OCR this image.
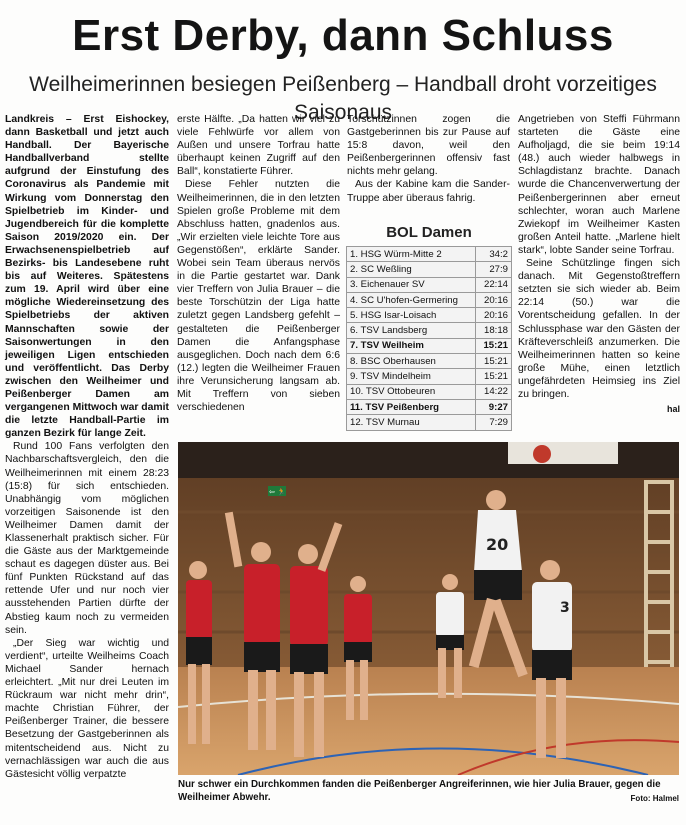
Erst Derby, dann Schluss
Weilheimerinnen besiegen Peißenberg – Handball droht vorzeitiges Saisonaus

Landkreis – Erst Eishockey, dann Basketball und jetzt auch Handball. Der Bayerische Handballverband stellte aufgrund der Einstufung des Coronavirus als Pandemie mit Wirkung vom Donnerstag den Spielbetrieb im Kinder- und Jugendbereich für die komplette Saison 2019/2020 ein. Der Erwachsenenspielbetrieb auf Bezirks- bis Landesebene ruht bis auf Weiteres. Spätestens zum 19. April wird über eine mögliche Wiedereinsetzung des Spielbetriebs der aktiven Mannschaften sowie der Saisonwertungen in den jeweiligen Ligen entschieden und veröffentlicht. Das Derby zwischen den Weilheimer und Peißenberger Damen am vergangenen Mittwoch war damit die letzte Handball-Partie im ganzen Bezirk für lange Zeit.

Rund 100 Fans verfolgten den Nachbarschaftsvergleich, den die Weilheimerinnen mit einem 28:23 (15:8) für sich entschieden. Unabhängig vom möglichen vorzeitigen Saisonende ist den Weilheimer Damen damit der Klassenerhalt praktisch sicher. Für die Gäste aus der Marktgemeinde schaut es dagegen düster aus. Bei fünf Punkten Rückstand auf das rettende Ufer und nur noch vier ausstehenden Partien dürfte der Abstieg kaum noch zu vermeiden sein.

„Der Sieg war wichtig und verdient“, urteilte Weilheims Coach Michael Sander hernach erleichtert. „Mit nur drei Leuten im Rückraum war nicht mehr drin“, machte Christian Führer, der Peißenberger Trainer, die bessere Besetzung der Gastgeberinnen als mitentscheidend aus. Nicht zu vernachlässigen war auch die aus Gästesicht völlig verpatzte

erste Hälfte. „Da hatten wir viel zu viele Fehlwürfe vor allem von Außen und unsere Torfrau hatte überhaupt keinen Zugriff auf den Ball“, konstatierte Führer.

Diese Fehler nutzten die Weilheimerinnen, die in den letzten Spielen große Probleme mit dem Abschluss hatten, gnadenlos aus. „Wir erzielten viele leichte Tore aus Gegenstößen“, erklärte Sander. Wobei sein Team überaus nervös in die Partie gestartet war. Dank vier Treffern von Julia Brauer – die beste Torschützin der Liga hatte zuletzt gegen Landsberg gefehlt – gestalteten die Peißenberger Damen die Anfangsphase ausgeglichen. Doch nach dem 6:6 (12.) legten die Weilheimer Frauen ihre Verunsicherung langsam ab. Mit Treffern von sieben verschiedenen

Torschützinnen zogen die Gastgeberinnen bis zur Pause auf 15:8 davon, weil den Peißenbergerinnen offensiv fast nichts mehr gelang.

Aus der Kabine kam die Sander-Truppe aber überaus fahrig.

BOL Damen
1. HSG Würm-Mitte 2	34:2
2. SC Weßling	27:9
3. Eichenauer SV	22:14
4. SC U'hofen-Germering	20:16
5. HSG Isar-Loisach	20:16
6. TSV Landsberg	18:18
7. TSV Weilheim	15:21
8. BSC Oberhausen	15:21
9. TSV Mindelheim	15:21
10. TSV Ottobeuren	14:22
11. TSV Peißenberg	9:27
12. TSV Murnau	7:29

Angetrieben von Steffi Führmann starteten die Gäste eine Aufholjagd, die sie beim 19:14 (48.) auch wieder halbwegs in Schlagdistanz brachte. Danach wurde die Chancenverwertung der Peißenbergerinnen aber erneut schlechter, woran auch Marlene Zwiekopf im Weilheimer Kasten großen Anteil hatte. „Marlene hielt stark“, lobte Sander seine Torfrau.

Seine Schützlinge fingen sich danach. Mit Gegenstoßtreffern setzten sie sich wieder ab. Beim 22:14 (50.) war die Vorentscheidung gefallen. In der Schlussphase war den Gästen der Kräfteverschleiß anzumerken. Die Weilheimerinnen hatten so keine große Mühe, einen letztlich ungefährdeten Heimsieg ins Ziel zu bringen.

hal
⇦ 🏃
20
3
Nur schwer ein Durchkommen fanden die Peißenberger Angreiferinnen, wie hier Julia Brauer, gegen die Weilheimer Abwehr.	Foto: Halmel
